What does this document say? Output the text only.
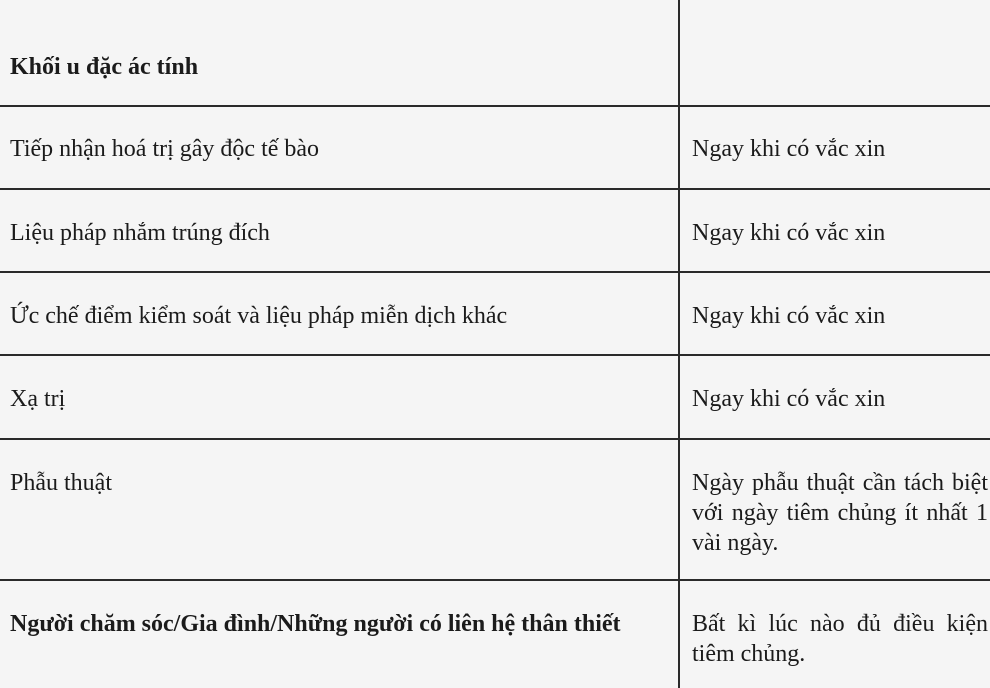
Khối u đặc ác tính
Tiếp nhận hoá trị gây độc tế bào	Ngay khi có vắc xin
Liệu pháp nhắm trúng đích	Ngay khi có vắc xin
Ức chế điểm kiểm soát và liệu pháp miễn dịch khác	Ngay khi có vắc xin
Xạ trị	Ngay khi có vắc xin
Phẫu thuật	Ngày phẫu thuật cần tách biệt với ngày tiêm chủng ít nhất 1 vài ngày.
Người chăm sóc/Gia đình/Những người có liên hệ thân thiết	Bất kì lúc nào đủ điều kiện tiêm chủng.
